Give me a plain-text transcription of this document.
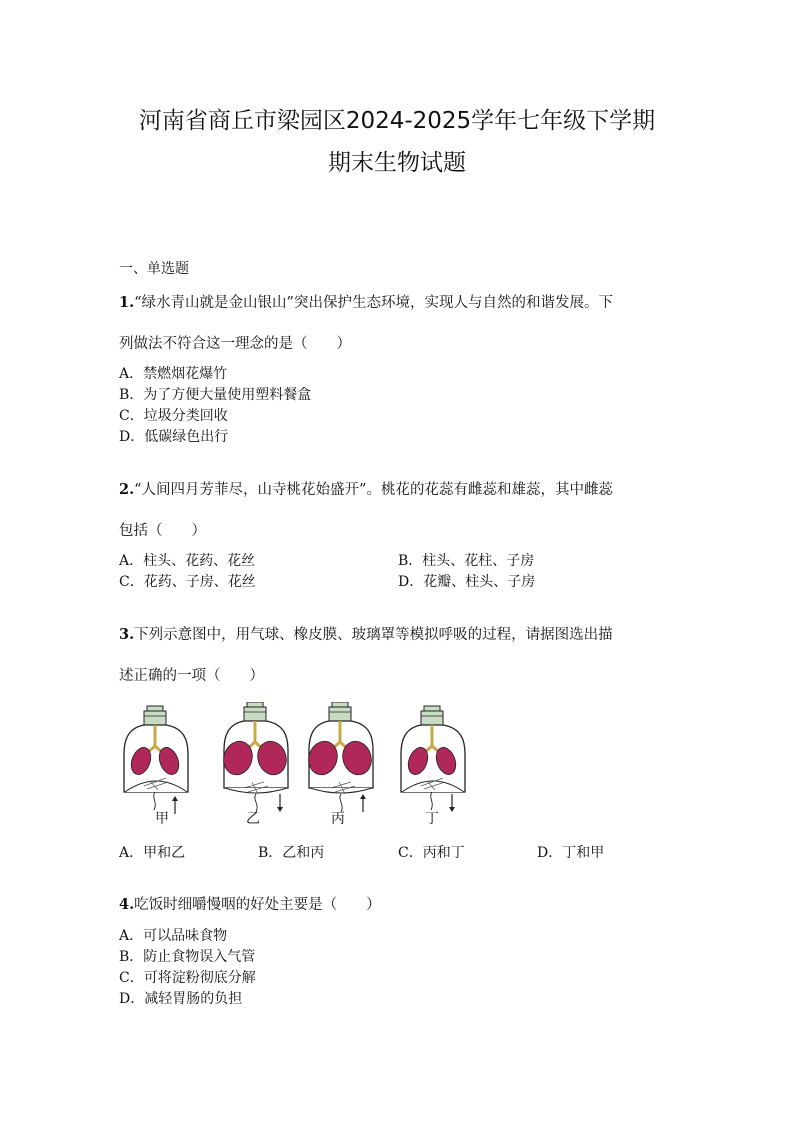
河南省商丘市梁园区2024-2025学年七年级下学期
期末生物试题
一、单选题
1.“绿水青山就是金山银山”突出保护生态环境，实现人与自然的和谐发展。下
列做法不符合这一理念的是（　　）
A．禁燃烟花爆竹
B．为了方便大量使用塑料餐盒
C．垃圾分类回收
D．低碳绿色出行
2.“人间四月芳菲尽，山寺桃花始盛开”。桃花的花蕊有雌蕊和雄蕊，其中雌蕊
包括（　　）
A．柱头、花药、花丝	B．柱头、花柱、子房
C．花药、子房、花丝	D．花瓣、柱头、子房
3.下列示意图中，用气球、橡皮膜、玻璃罩等模拟呼吸的过程，请据图选出描
述正确的一项（　　）
甲	乙	丙	丁
A．甲和乙	B．乙和丙	C．丙和丁	D．丁和甲
4.吃饭时细嚼慢咽的好处主要是（　　）
A．可以品味食物
B．防止食物误入气管
C．可将淀粉彻底分解
D．减轻胃肠的负担
